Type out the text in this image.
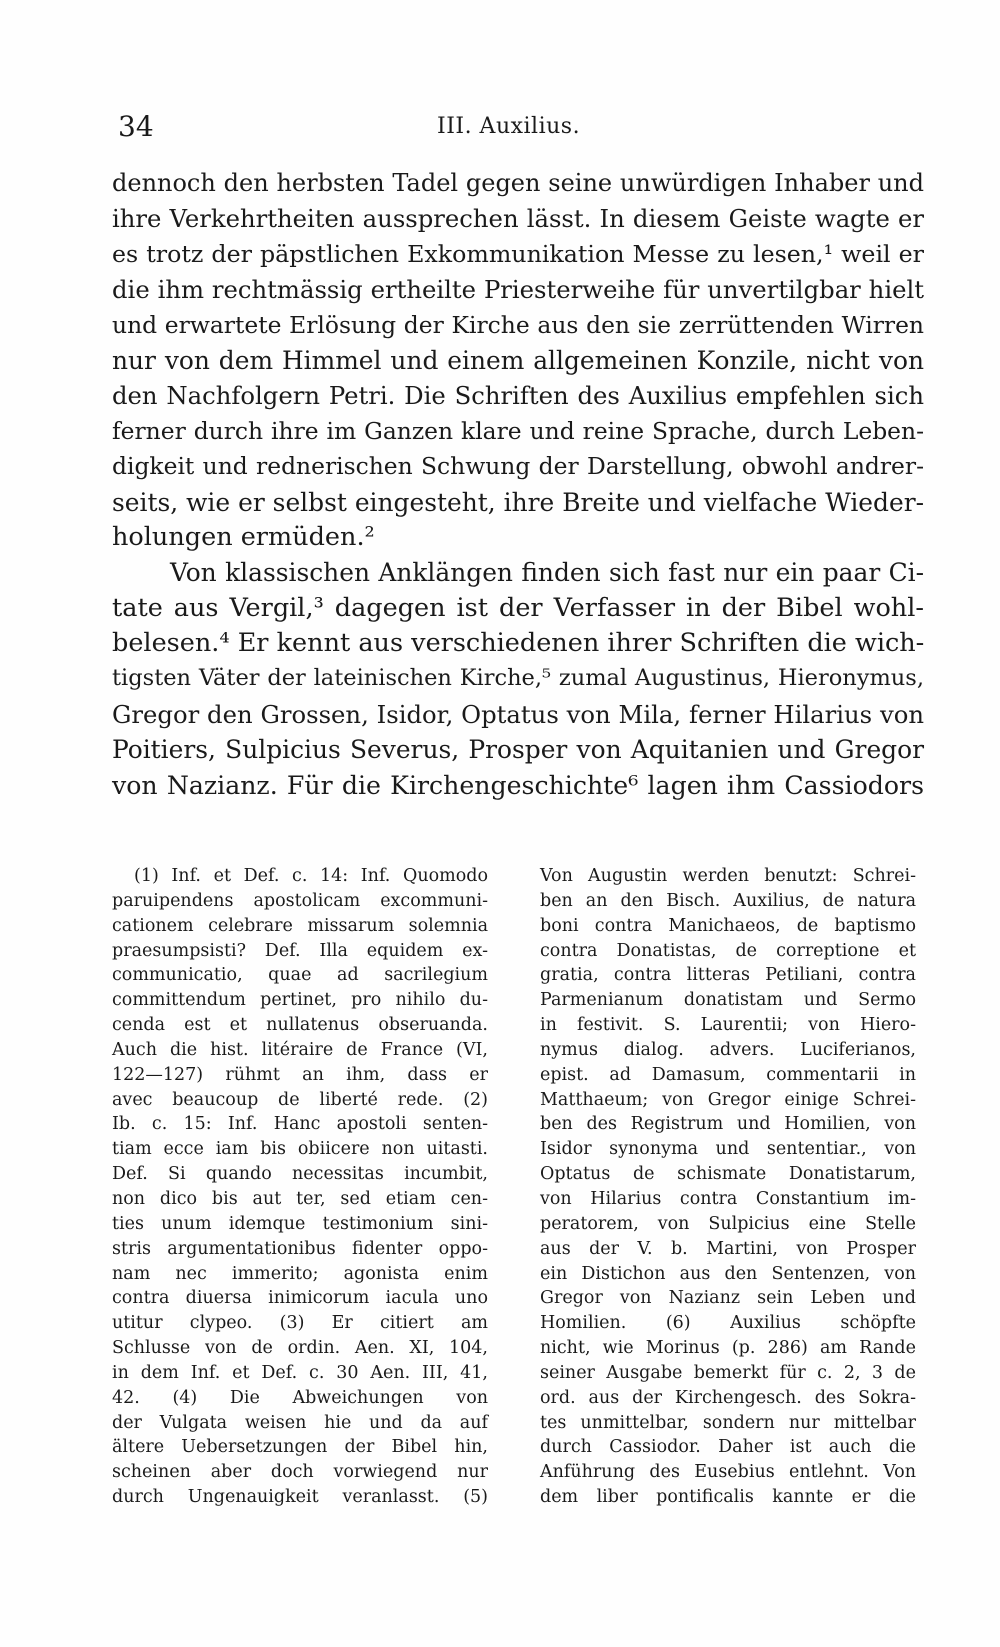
34	III. Auxilius.
dennoch den herbsten Tadel gegen seine unwürdigen Inhaber und
ihre Verkehrtheiten aussprechen lässt. In diesem Geiste wagte er
es trotz der päpstlichen Exkommunikation Messe zu lesen,¹ weil er
die ihm rechtmässig ertheilte Priesterweihe für unvertilgbar hielt
und erwartete Erlösung der Kirche aus den sie zerrüttenden Wirren
nur von dem Himmel und einem allgemeinen Konzile, nicht von
den Nachfolgern Petri. Die Schriften des Auxilius empfehlen sich
ferner durch ihre im Ganzen klare und reine Sprache, durch Leben-
digkeit und rednerischen Schwung der Darstellung, obwohl andrer-
seits, wie er selbst eingesteht, ihre Breite und vielfache Wieder-
holungen ermüden.²
Von klassischen Anklängen finden sich fast nur ein paar Ci-
tate aus Vergil,³ dagegen ist der Verfasser in der Bibel wohl-
belesen.⁴ Er kennt aus verschiedenen ihrer Schriften die wich-
tigsten Väter der lateinischen Kirche,⁵ zumal Augustinus, Hieronymus,
Gregor den Grossen, Isidor, Optatus von Mila, ferner Hilarius von
Poitiers, Sulpicius Severus, Prosper von Aquitanien und Gregor
von Nazianz. Für die Kirchengeschichte⁶ lagen ihm Cassiodors
(1) Inf. et Def. c. 14: Inf. Quomodo
paruipendens apostolicam excommuni-
cationem celebrare missarum solemnia
praesumpsisti? Def. Illa equidem ex-
communicatio, quae ad sacrilegium
committendum pertinet, pro nihilo du-
cenda est et nullatenus obseruanda.
Auch die hist. litéraire de France (VI,
122—127) rühmt an ihm, dass er
avec beaucoup de liberté rede. (2)
Ib. c. 15: Inf. Hanc apostoli senten-
tiam ecce iam bis obiicere non uitasti.
Def. Si quando necessitas incumbit,
non dico bis aut ter, sed etiam cen-
ties unum idemque testimonium sini-
stris argumentationibus fidenter oppo-
nam nec immerito; agonista enim
contra diuersa inimicorum iacula uno
utitur clypeo. (3) Er citiert am
Schlusse von de ordin. Aen. XI, 104,
in dem Inf. et Def. c. 30 Aen. III, 41,
42. (4) Die Abweichungen von
der Vulgata weisen hie und da auf
ältere Uebersetzungen der Bibel hin,
scheinen aber doch vorwiegend nur
durch Ungenauigkeit veranlasst. (5)
Von Augustin werden benutzt: Schrei-
ben an den Bisch. Auxilius, de natura
boni contra Manichaeos, de baptismo
contra Donatistas, de correptione et
gratia, contra litteras Petiliani, contra
Parmenianum donatistam und Sermo
in festivit. S. Laurentii; von Hiero-
nymus dialog. advers. Luciferianos,
epist. ad Damasum, commentarii in
Matthaeum; von Gregor einige Schrei-
ben des Registrum und Homilien, von
Isidor synonyma und sententiar., von
Optatus de schismate Donatistarum,
von Hilarius contra Constantium im-
peratorem, von Sulpicius eine Stelle
aus der V. b. Martini, von Prosper
ein Distichon aus den Sentenzen, von
Gregor von Nazianz sein Leben und
Homilien. (6) Auxilius schöpfte
nicht, wie Morinus (p. 286) am Rande
seiner Ausgabe bemerkt für c. 2, 3 de
ord. aus der Kirchengesch. des Sokra-
tes unmittelbar, sondern nur mittelbar
durch Cassiodor. Daher ist auch die
Anführung des Eusebius entlehnt. Von
dem liber pontificalis kannte er die
